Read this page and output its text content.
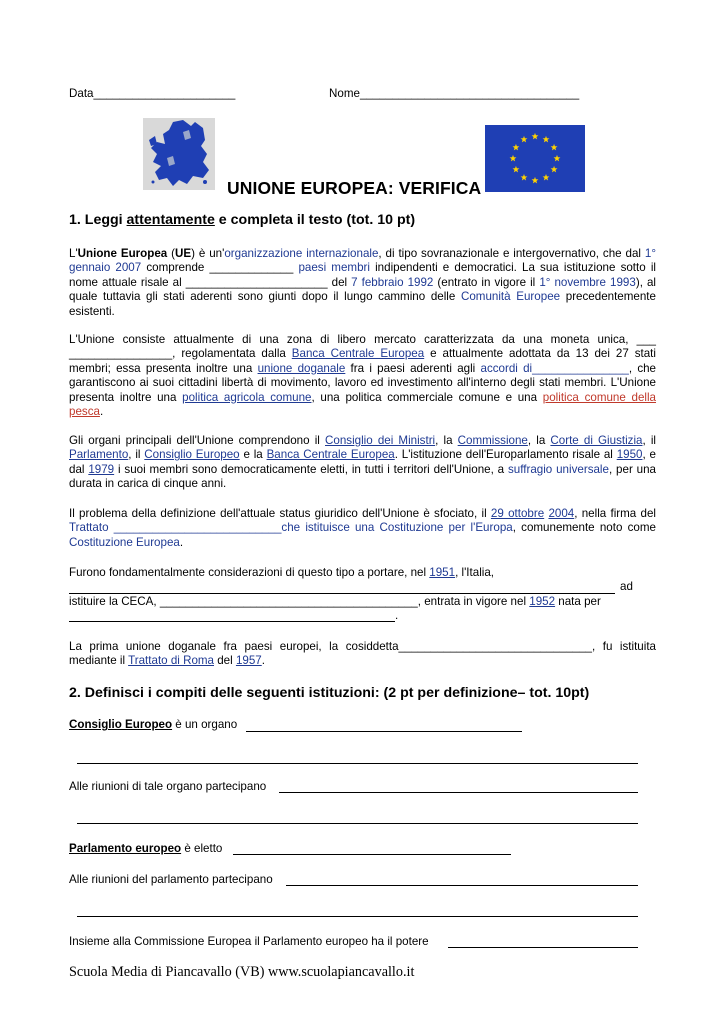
Data______________________	Nome__________________________________
UNIONE EUROPEA: VERIFICA
1. Leggi attentamente e completa il testo (tot. 10 pt)
L'Unione Europea (UE) è un'organizzazione internazionale, di tipo sovranazionale e intergovernativo, che dal 1° gennaio 2007 comprende _____________ paesi membri indipendenti e democratici. La sua istituzione sotto il nome attuale risale al ______________________ del 7 febbraio 1992 (entrato in vigore il 1° novembre 1993), al quale tuttavia gli stati aderenti sono giunti dopo il lungo cammino delle Comunità Europee precedentemente esistenti.
L'Unione consiste attualmente di una zona di libero mercato caratterizzata da una moneta unica, ___ ________________, regolamentata dalla Banca Centrale Europea e attualmente adottata da 13 dei 27 stati membri; essa presenta inoltre una unione doganale fra i paesi aderenti agli accordi di_______________, che garantiscono ai suoi cittadini libertà di movimento, lavoro ed investimento all'interno degli stati membri. L'Unione presenta inoltre una politica agricola comune, una politica commerciale comune e una politica comune della pesca.
Gli organi principali dell'Unione comprendono il Consiglio dei Ministri, la Commissione, la Corte di Giustizia, il Parlamento, il Consiglio Europeo e la Banca Centrale Europea. L'istituzione dell'Europarlamento risale al 1950, e dal 1979 i suoi membri sono democraticamente eletti, in tutti i territori dell'Unione, a suffragio universale, per una durata in carica di cinque anni.
Il problema della definizione dell'attuale status giuridico dell'Unione è sfociato, il 29 ottobre 2004, nella firma del Trattato __________________________che istituisce una Costituzione per l'Europa, comunemente noto come Costituzione Europea.
Furono fondamentalmente considerazioni di questo tipo a portare, nel 1951, l'Italia,
ad
istituire la CECA, ________________________________________, entrata in vigore nel 1952 nata per
.
La prima unione doganale fra paesi europei, la cosiddetta______________________________, fu istituita mediante il Trattato di Roma del 1957.
2. Definisci i compiti delle seguenti istituzioni: (2 pt per definizione– tot. 10pt)
Consiglio Europeo è un organo
Alle riunioni di tale organo partecipano
Parlamento europeo è eletto
Alle riunioni del parlamento partecipano
Insieme alla Commissione Europea il Parlamento europeo ha il potere
Scuola Media di Piancavallo (VB) www.scuolapiancavallo.it
